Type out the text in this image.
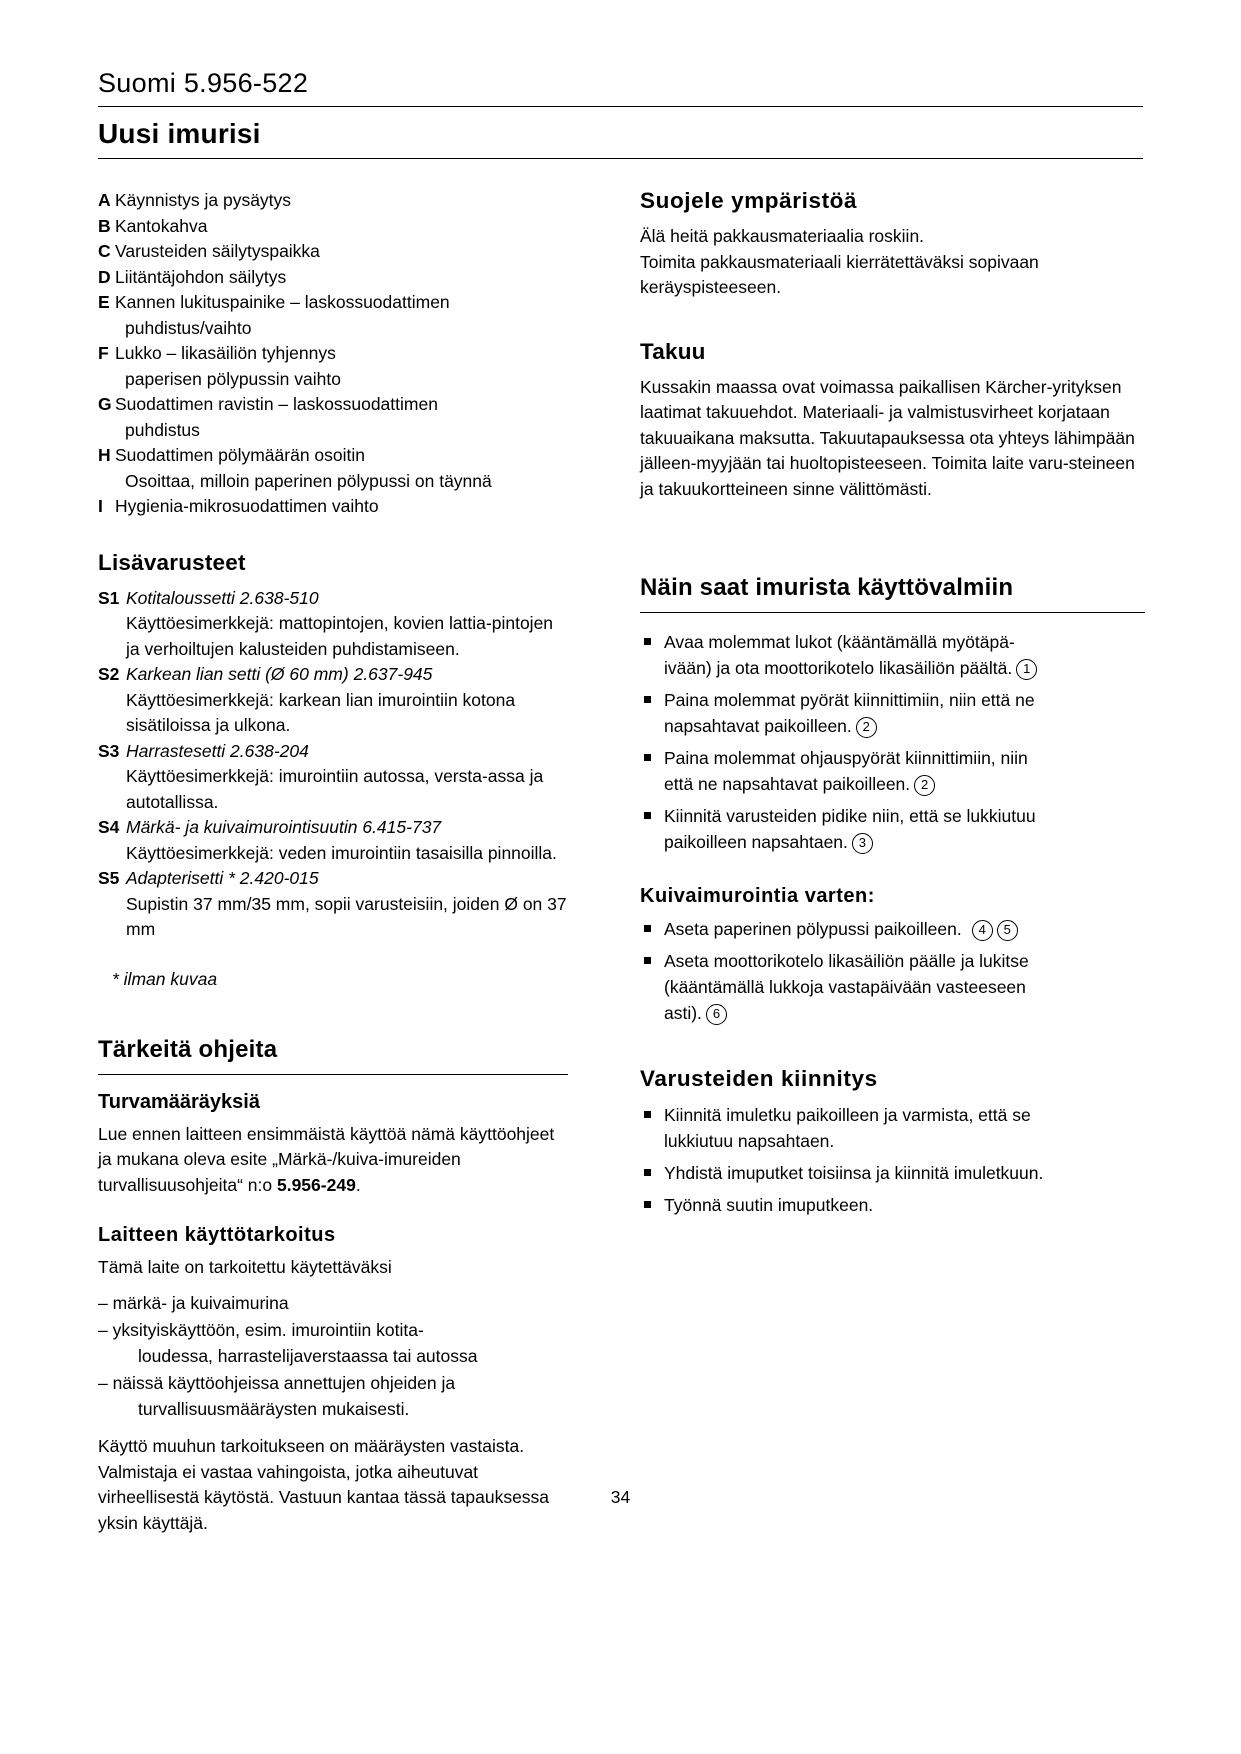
Suomi 5.956-522
Uusi imurisi
A Käynnistys ja pysäytys
B Kantokahva
C Varusteiden säilytyspaikka
D Liitäntäjohdon säilytys
E Kannen lukituspainike – laskossuodattimen
puhdistus/vaihto
F Lukko – likasäiliön tyhjennys
paperisen pölypussin vaihto
G Suodattimen ravistin – laskossuodattimen
puhdistus
H Suodattimen pölymäärän osoitin
Osoittaa, milloin paperinen pölypussi on täynnä
I Hygienia-mikrosuodattimen vaihto
Lisävarusteet
S1 Kotitaloussetti 2.638-510
Käyttöesimerkkejä: mattopintojen, kovien lattia-pintojen ja verhoiltujen kalusteiden puhdistamiseen.
S2 Karkean lian setti (Ø 60 mm) 2.637-945
Käyttöesimerkkejä: karkean lian imurointiin kotona sisätiloissa ja ulkona.
S3 Harrastesetti 2.638-204
Käyttöesimerkkejä: imurointiin autossa, versta-assa ja autotallissa.
S4 Märkä- ja kuivaimurointisuutin 6.415-737
Käyttöesimerkkejä: veden imurointiin tasaisilla pinnoilla.
S5 Adapterisetti * 2.420-015
Supistin 37 mm/35 mm, sopii varusteisiin, joiden Ø on 37 mm
* ilman kuvaa
Tärkeitä ohjeita
Turvamääräyksiä

Lue ennen laitteen ensimmäistä käyttöä nämä käyttöohjeet ja mukana oleva esite „Märkä-/kuiva-imureiden turvallisuusohjeita“ n:o 5.956-249.

Laitteen käyttötarkoitus

Tämä laite on tarkoitettu käytettäväksi

– märkä- ja kuivaimurina
– yksityiskäyttöön, esim. imurointiin kotita-
loudessa, harrastelijaverstaassa tai autossa
– näissä käyttöohjeissa annettujen ohjeiden ja
turvallisuusmääräysten mukaisesti.

Käyttö muuhun tarkoitukseen on määräysten vastaista. Valmistaja ei vastaa vahingoista, jotka aiheutuvat virheellisestä käytöstä. Vastuun kantaa tässä tapauksessa yksin käyttäjä.

Suojele ympäristöä

Älä heitä pakkausmateriaalia roskiin.

Toimita pakkausmateriaali kierrätettäväksi sopivaan keräyspisteeseen.

Takuu

Kussakin maassa ovat voimassa paikallisen Kärcher-yrityksen laatimat takuuehdot. Materiaali- ja valmistusvirheet korjataan takuuaikana maksutta. Takuutapauksessa ota yhteys lähimpään jälleen-myyjään tai huoltopisteeseen. Toimita laite varu-steineen ja takuukortteineen sinne välittömästi.

Näin saat imurista käyttövalmiin
Avaa molemmat lukot (kääntämällä myötäpä-
ivään) ja ota moottorikotelo likasäiliön päältä. 1
Paina molemmat pyörät kiinnittimiin, niin että ne
napsahtavat paikoilleen. 2
Paina molemmat ohjauspyörät kiinnittimiin, niin
että ne napsahtavat paikoilleen. 2
Kiinnitä varusteiden pidike niin, että se lukkiutuu
paikoilleen napsahtaen. 3
Kuivaimurointia varten:
Aseta paperinen pölypussi paikoilleen. 4 5
Aseta moottorikotelo likasäiliön päälle ja lukitse
(kääntämällä lukkoja vastapäivään vasteeseen
asti). 6
Varusteiden kiinnitys
Kiinnitä imuletku paikoilleen ja varmista, että se
lukkiutuu napsahtaen.
Yhdistä imuputket toisiinsa ja kiinnitä imuletkuun.
Työnnä suutin imuputkeen.
34
